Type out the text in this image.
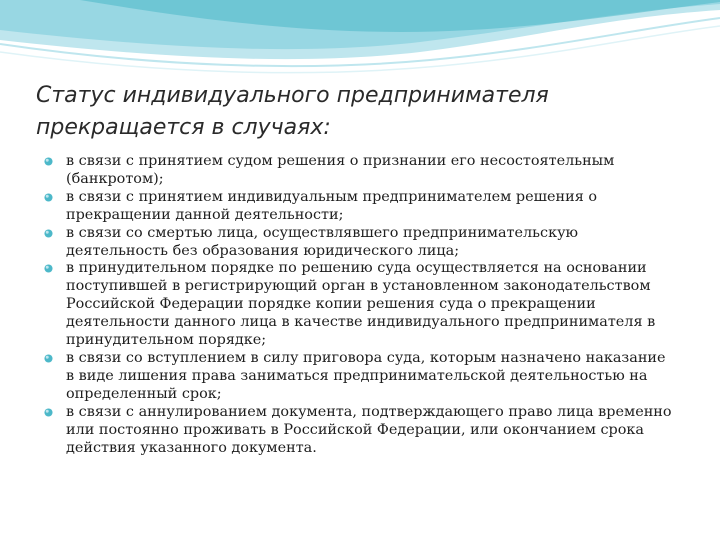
Статус индивидуального предпринимателя прекращается в случаях:
в связи с принятием судом решения о признании его несостоятельным (банкротом);
в связи с принятием индивидуальным предпринимателем решения о прекращении данной деятельности;
в связи со смертью лица, осуществлявшего предпринимательскую деятельность без образования юридического лица;
в принудительном порядке по решению суда осуществляется на основании поступившей в регистрирующий орган в установленном законодательством Российской Федерации порядке копии решения суда о прекращении деятельности данного лица в качестве индивидуального предпринимателя в принудительном порядке;
в связи со вступлением в силу приговора суда, которым назначено наказание в виде лишения права заниматься предпринимательской деятельностью на определенный срок;
в связи с аннулированием документа, подтверждающего право лица временно или постоянно проживать в Российской Федерации, или окончанием срока действия указанного документа.
